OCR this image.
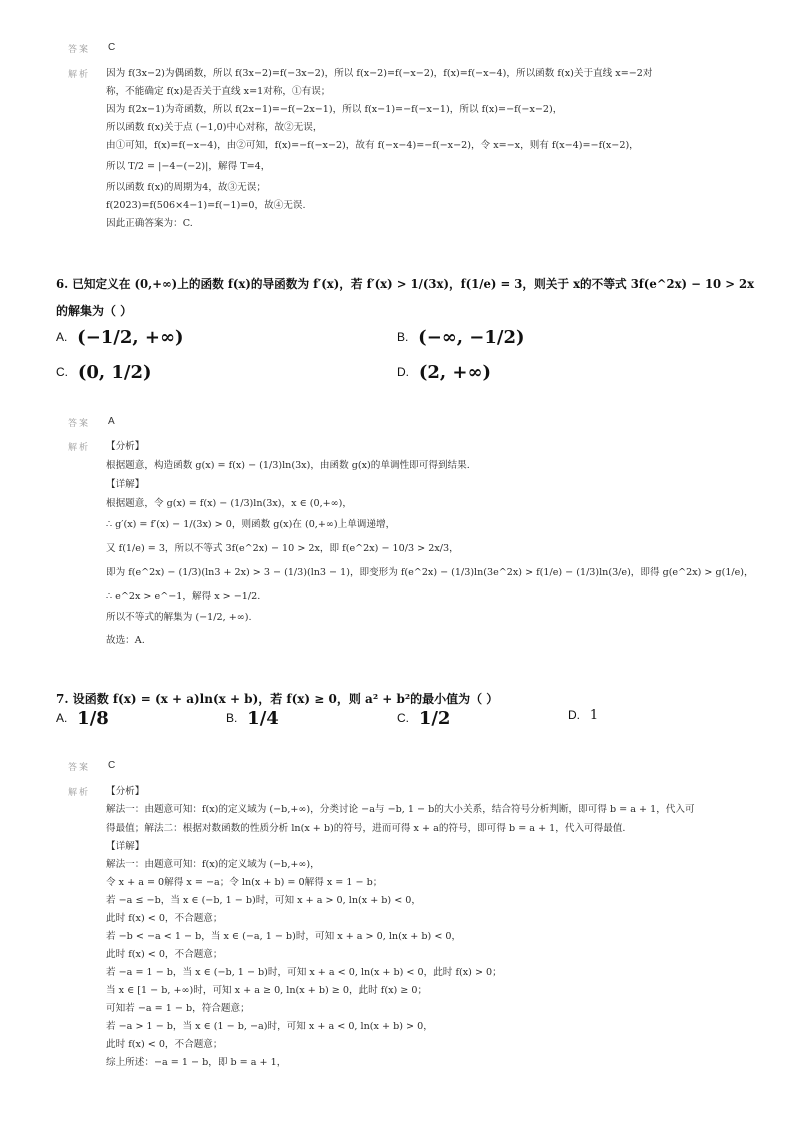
答案 C
解析 因为 f(3x−2)为偶函数，所以 f(3x−2)=f(−3x−2)，所以 f(x−2)=f(−x−2)，f(x)=f(−x−4)，所以函数 f(x)关于直线 x=−2对
称，不能确定 f(x)是否关于直线 x=1对称，①有误；
因为 f(2x−1)为奇函数，所以 f(2x−1)=−f(−2x−1)，所以 f(x−1)=−f(−x−1)，所以 f(x)=−f(−x−2)，
所以函数 f(x)关于点 (−1,0)中心对称，故②无误，
由①可知，f(x)=f(−x−4)，由②可知，f(x)=−f(−x−2)，故有 f(−x−4)=−f(−x−2)，令 x=−x，则有 f(x−4)=−f(x−2)，
所以 T/2 = |−4−(−2)|，解得 T=4，
所以函数 f(x)的周期为4，故③无误；
f(2023)=f(506×4−1)=f(−1)=0，故④无误.
因此正确答案为：C.
6. 已知定义在 (0,+∞)上的函数 f(x)的导函数为 f′(x)，若 f′(x) > 1/(3x)，f(1/e) = 3，则关于 x的不等式 3f(e^2x) − 10 > 2x
的解集为（ ）
A. (−1/2, +∞)	B. (−∞, −1/2)
C. (0, 1/2)	D. (2, +∞)
答案 A
解析 【分析】
根据题意，构造函数 g(x) = f(x) − (1/3)ln(3x)，由函数 g(x)的单调性即可得到结果.
【详解】
根据题意，令 g(x) = f(x) − (1/3)ln(3x)，x ∈ (0,+∞)，
∴ g′(x) = f′(x) − 1/(3x) > 0，则函数 g(x)在 (0,+∞)上单调递增，
又 f(1/e) = 3，所以不等式 3f(e^2x) − 10 > 2x，即 f(e^2x) − 10/3 > 2x/3，
即为 f(e^2x) − (1/3)(ln3 + 2x) > 3 − (1/3)(ln3 − 1)，即变形为 f(e^2x) − (1/3)ln(3e^2x) > f(1/e) − (1/3)ln(3/e)，即得 g(e^2x) > g(1/e)，
∴ e^2x > e^−1，解得 x > −1/2.
所以不等式的解集为 (−1/2, +∞).
故选：A.
7. 设函数 f(x) = (x + a)ln(x + b)，若 f(x) ≥ 0，则 a² + b²的最小值为（ ）
A. 1/8	B. 1/4	C. 1/2	D. 1
答案 C
解析 【分析】
解法一：由题意可知：f(x)的定义域为 (−b,+∞)，分类讨论 −a与 −b, 1 − b的大小关系，结合符号分析判断，即可得 b = a + 1，代入可
得最值；解法二：根据对数函数的性质分析 ln(x + b)的符号，进而可得 x + a的符号，即可得 b = a + 1，代入可得最值.
【详解】
解法一：由题意可知：f(x)的定义域为 (−b,+∞)，
令 x + a = 0解得 x = −a；令 ln(x + b) = 0解得 x = 1 − b；
若 −a ≤ −b，当 x ∈ (−b, 1 − b)时，可知 x + a > 0, ln(x + b) < 0，
此时 f(x) < 0，不合题意；
若 −b < −a < 1 − b，当 x ∈ (−a, 1 − b)时，可知 x + a > 0, ln(x + b) < 0，
此时 f(x) < 0，不合题意；
若 −a = 1 − b，当 x ∈ (−b, 1 − b)时，可知 x + a < 0, ln(x + b) < 0，此时 f(x) > 0；
当 x ∈ [1 − b, +∞)时，可知 x + a ≥ 0, ln(x + b) ≥ 0，此时 f(x) ≥ 0；
可知若 −a = 1 − b，符合题意；
若 −a > 1 − b，当 x ∈ (1 − b, −a)时，可知 x + a < 0, ln(x + b) > 0，
此时 f(x) < 0，不合题意；
综上所述：−a = 1 − b，即 b = a + 1，
